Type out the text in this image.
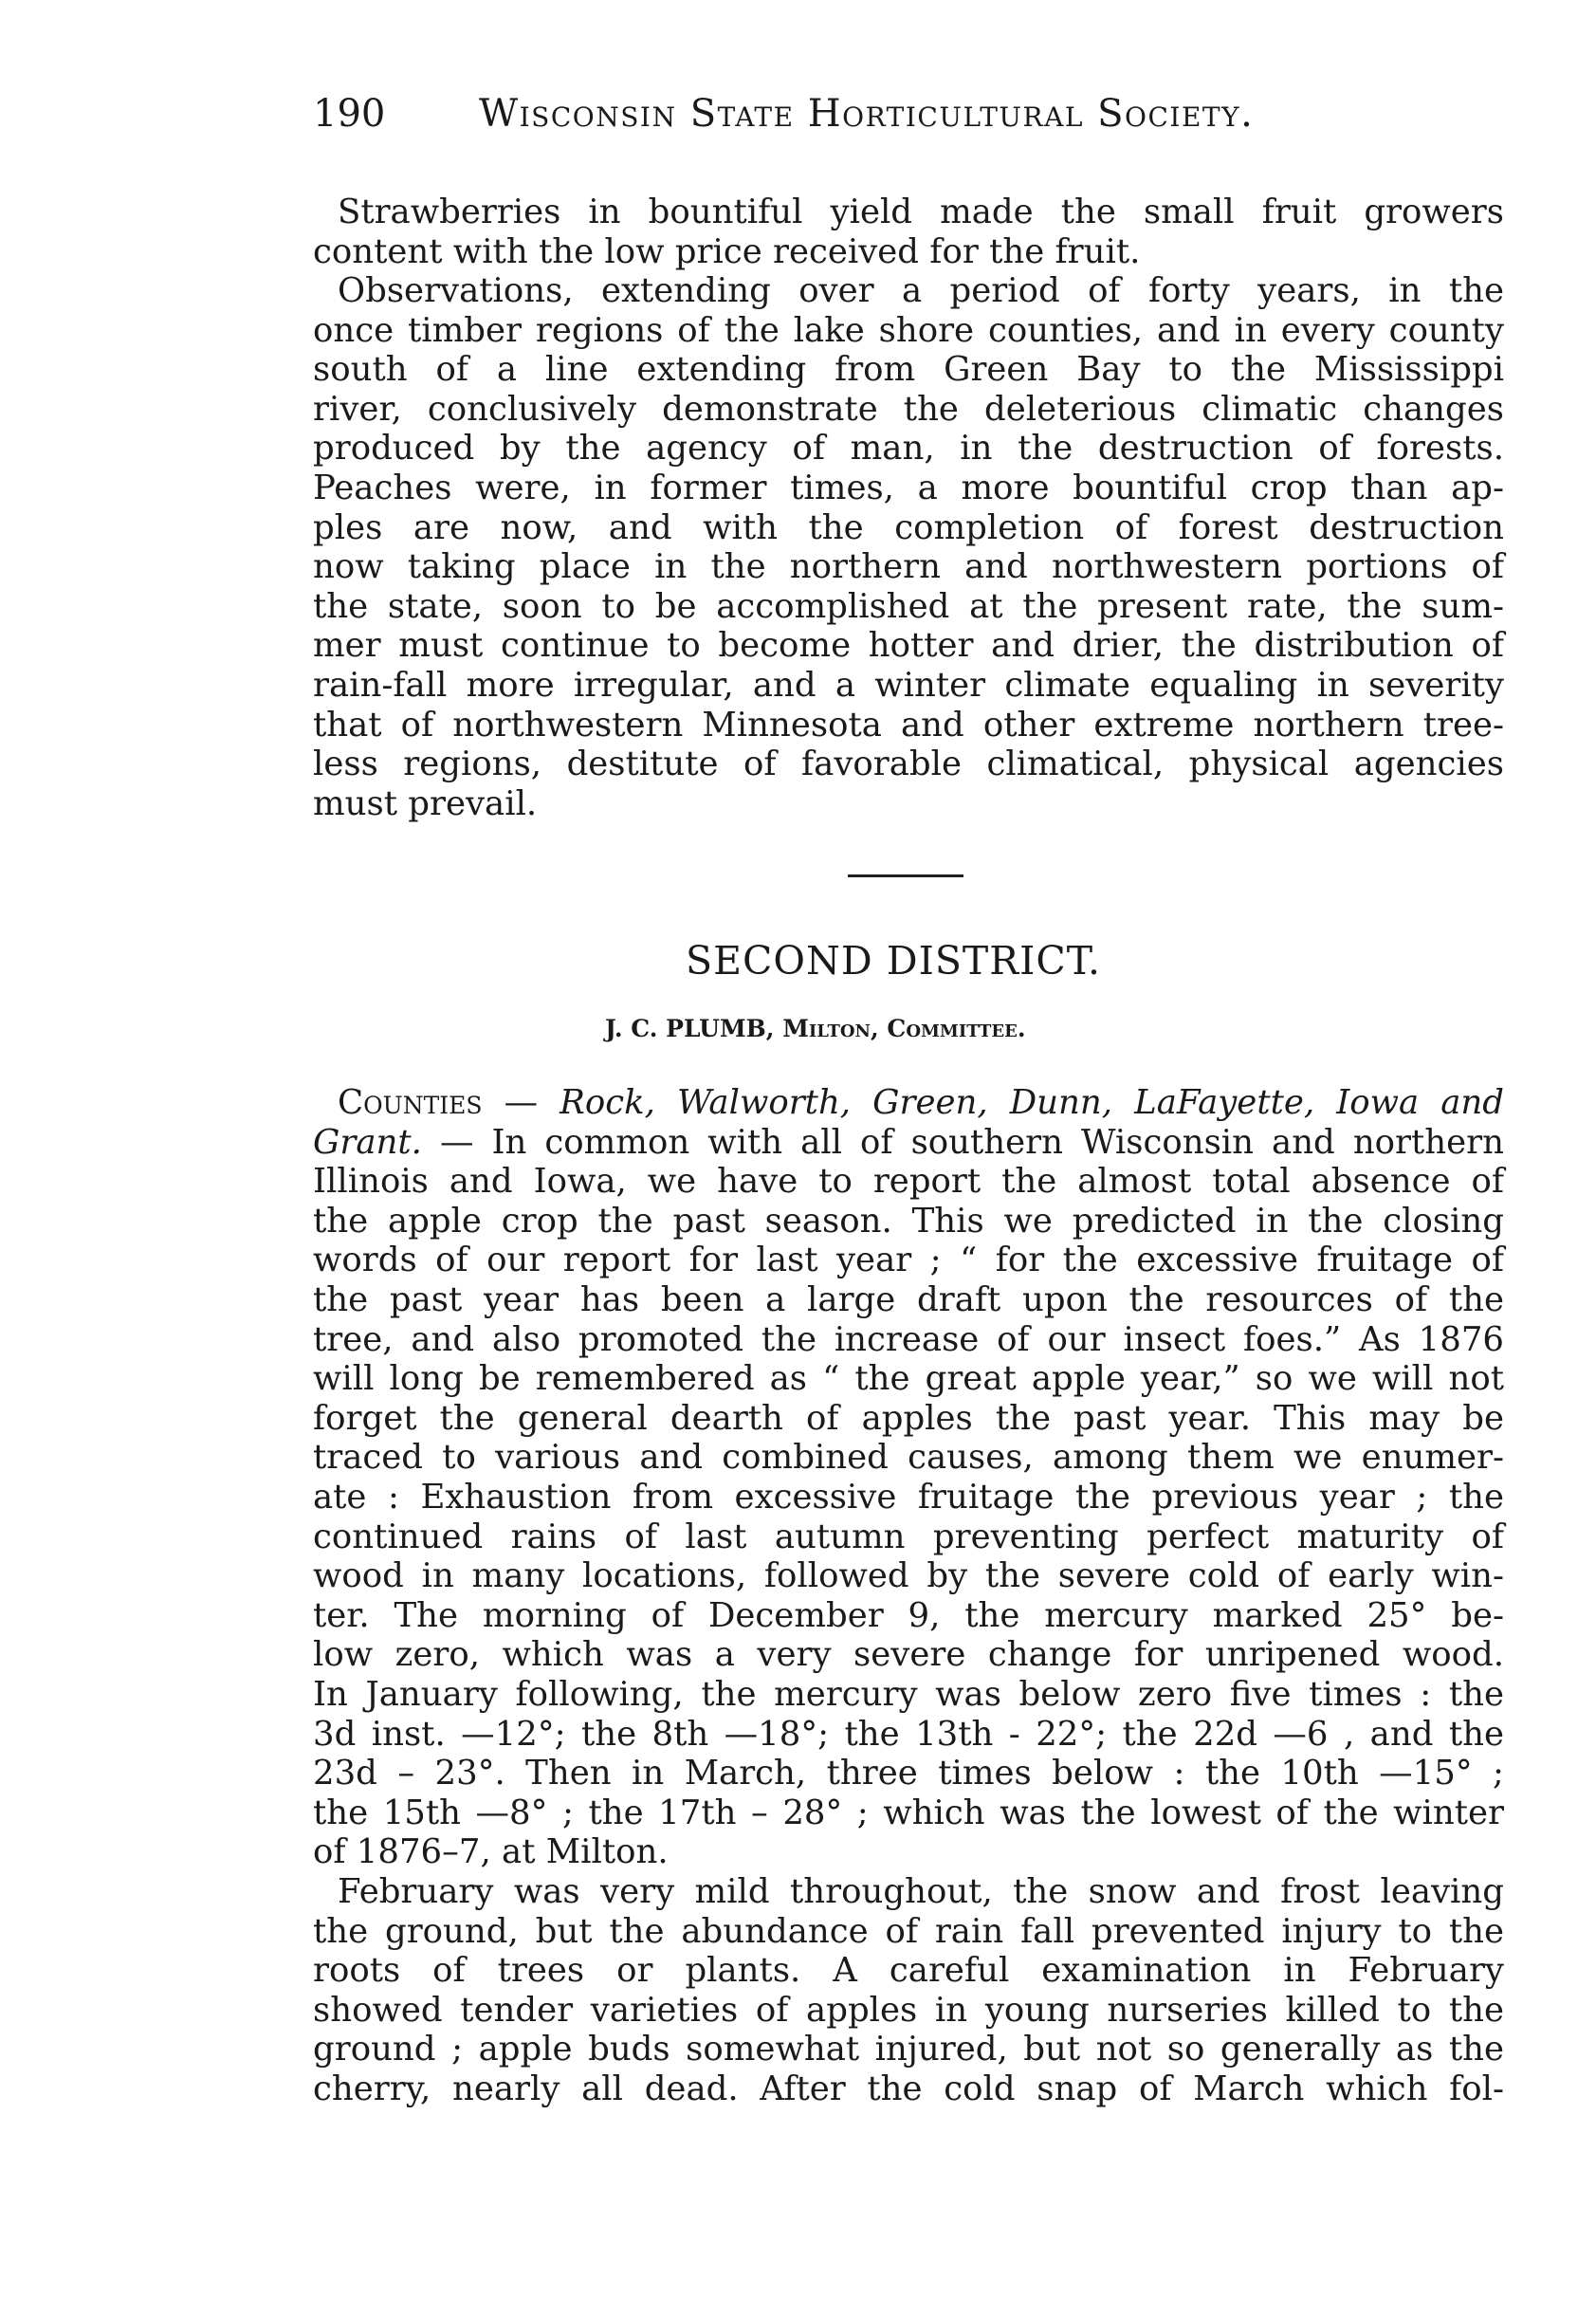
190 Wisconsin State Horticultural Society.
Strawberries in bountiful yield made the small fruit growers
content with the low price received for the fruit.
Observations, extending over a period of forty years, in the
once timber regions of the lake shore counties, and in every county
south of a line extending from Green Bay to the Mississippi
river, conclusively demonstrate the deleterious climatic changes
produced by the agency of man, in the destruction of forests.
Peaches were, in former times, a more bountiful crop than ap-
ples are now, and with the completion of forest destruction
now taking place in the northern and northwestern portions of
the state, soon to be accomplished at the present rate, the sum-
mer must continue to become hotter and drier, the distribution of
rain-fall more irregular, and a winter climate equaling in severity
that of northwestern Minnesota and other extreme northern tree-
less regions, destitute of favorable climatical, physical agencies
must prevail.
SECOND DISTRICT.
J. C. PLUMB, Milton, Committee.
Counties — Rock, Walworth, Green, Dunn, LaFayette, Iowa and
Grant. — In common with all of southern Wisconsin and northern
Illinois and Iowa, we have to report the almost total absence of
the apple crop the past season. This we predicted in the closing
words of our report for last year ; “ for the excessive fruitage of
the past year has been a large draft upon the resources of the
tree, and also promoted the increase of our insect foes.” As 1876
will long be remembered as “ the great apple year,” so we will not
forget the general dearth of apples the past year. This may be
traced to various and combined causes, among them we enumer-
ate : Exhaustion from excessive fruitage the previous year ; the
continued rains of last autumn preventing perfect maturity of
wood in many locations, followed by the severe cold of early win-
ter. The morning of December 9, the mercury marked 25° be-
low zero, which was a very severe change for unripened wood.
In January following, the mercury was below zero five times : the
3d inst. —12°; the 8th —18°; the 13th - 22°; the 22d —6 , and the
23d – 23°. Then in March, three times below : the 10th —15° ;
the 15th —8° ; the 17th – 28° ; which was the lowest of the winter
of 1876–7, at Milton.
February was very mild throughout, the snow and frost leaving
the ground, but the abundance of rain fall prevented injury to the
roots of trees or plants. A careful examination in February
showed tender varieties of apples in young nurseries killed to the
ground ; apple buds somewhat injured, but not so generally as the
cherry, nearly all dead. After the cold snap of March which fol-
